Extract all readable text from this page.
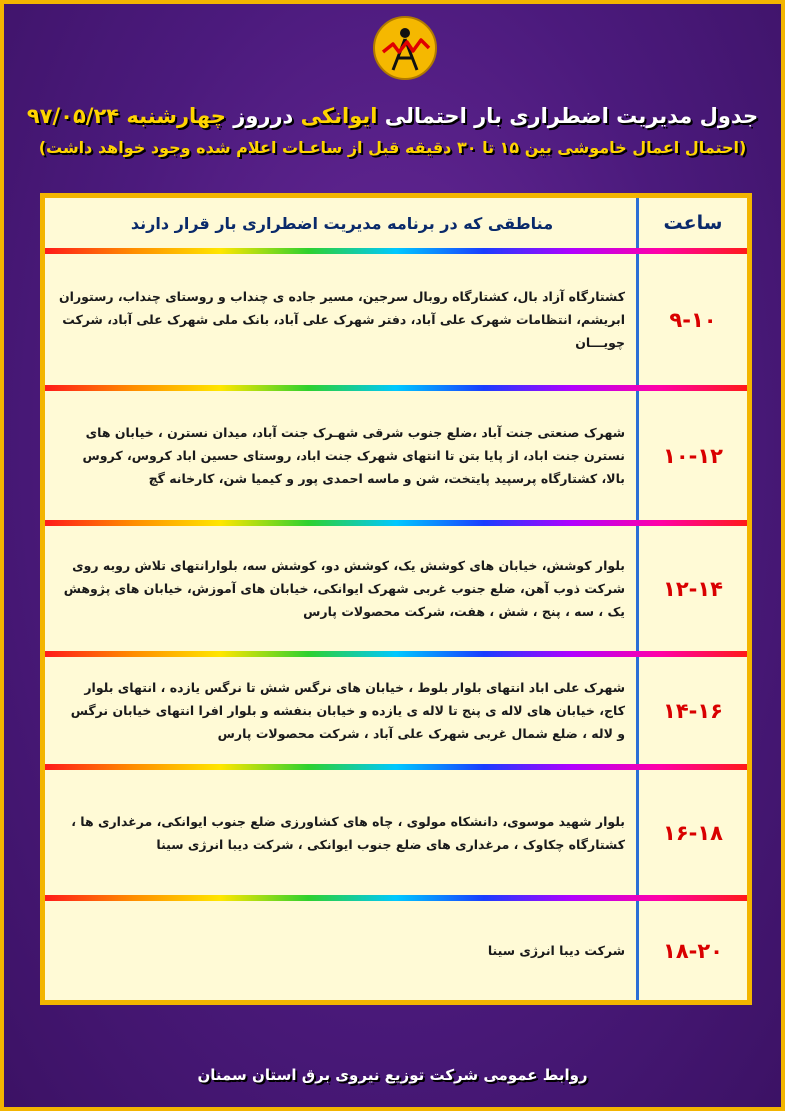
جدول مدیریت اضطراری بار احتمالی ایوانکی درروز چهارشنبه ۹۷/۰۵/۲۴
(احتمال اعمال خاموشی بین ۱۵ تا ۳۰ دقیقه قبل از ساعـات اعلام شده وجود خواهد داشت)
ساعت
مناطقی که در برنامه مدیریت اضطراری بار قرار دارند
۹-۱۰
کشتارگاه آزاد بال، کشتارگاه روبال سرجین، مسیر جاده ی چنداب و روستای چنداب، رستوران ابریشم، انتظامات شهرک علی آباد، دفتر شهرک علی آباد، بانک ملی شهرک علی آباد، شرکت چویـــان
۱۰-۱۲
شهرک صنعتی جنت آباد ،ضلع جنوب شرقی شهـرک جنت آباد، میدان نسترن ، خیابان های نسترن جنت اباد، از پایا بتن تا انتهای شهرک جنت اباد، روستای حسین اباد کروس، کروس بالا، کشتارگاه پرسپید پایتخت، شن و ماسه احمدی پور و کیمیا شن، کارخانه گچ
۱۲-۱۴
بلوار کوشش، خیابان های کوشش یک، کوشش دو، کوشش سه، بلوارانتهای تلاش روبه روی شرکت ذوب آهن، ضلع جنوب غربی شهرک ایوانکی، خیابان های آموزش، خیابان های پژوهش یک ، سه ، پنج ، شش ، هفت، شرکت محصولات پارس
۱۴-۱۶
شهرک علی اباد انتهای بلوار بلوط ، خیابان های نرگس شش تا نرگس یازده ، انتهای بلوار کاج، خیابان های لاله ی پنج تا لاله ی یازده و خیابان بنفشه و بلوار افرا انتهای خیابان نرگس و لاله ، ضلع شمال غربی شهرک علی آباد ، شرکت محصولات پارس
۱۶-۱۸
بلوار شهید موسوی، دانشکاه مولوی ، چاه های کشاورزی ضلع جنوب ایوانکی، مرغداری ها ، کشتارگاه چکاوک ، مرغداری های ضلع جنوب ایوانکی ، شرکت دیبا انرژی سینا
۱۸-۲۰
شرکت دیبا انرژی سینا
روابط عمومی شرکت توزیع نیروی برق استان سمنان
